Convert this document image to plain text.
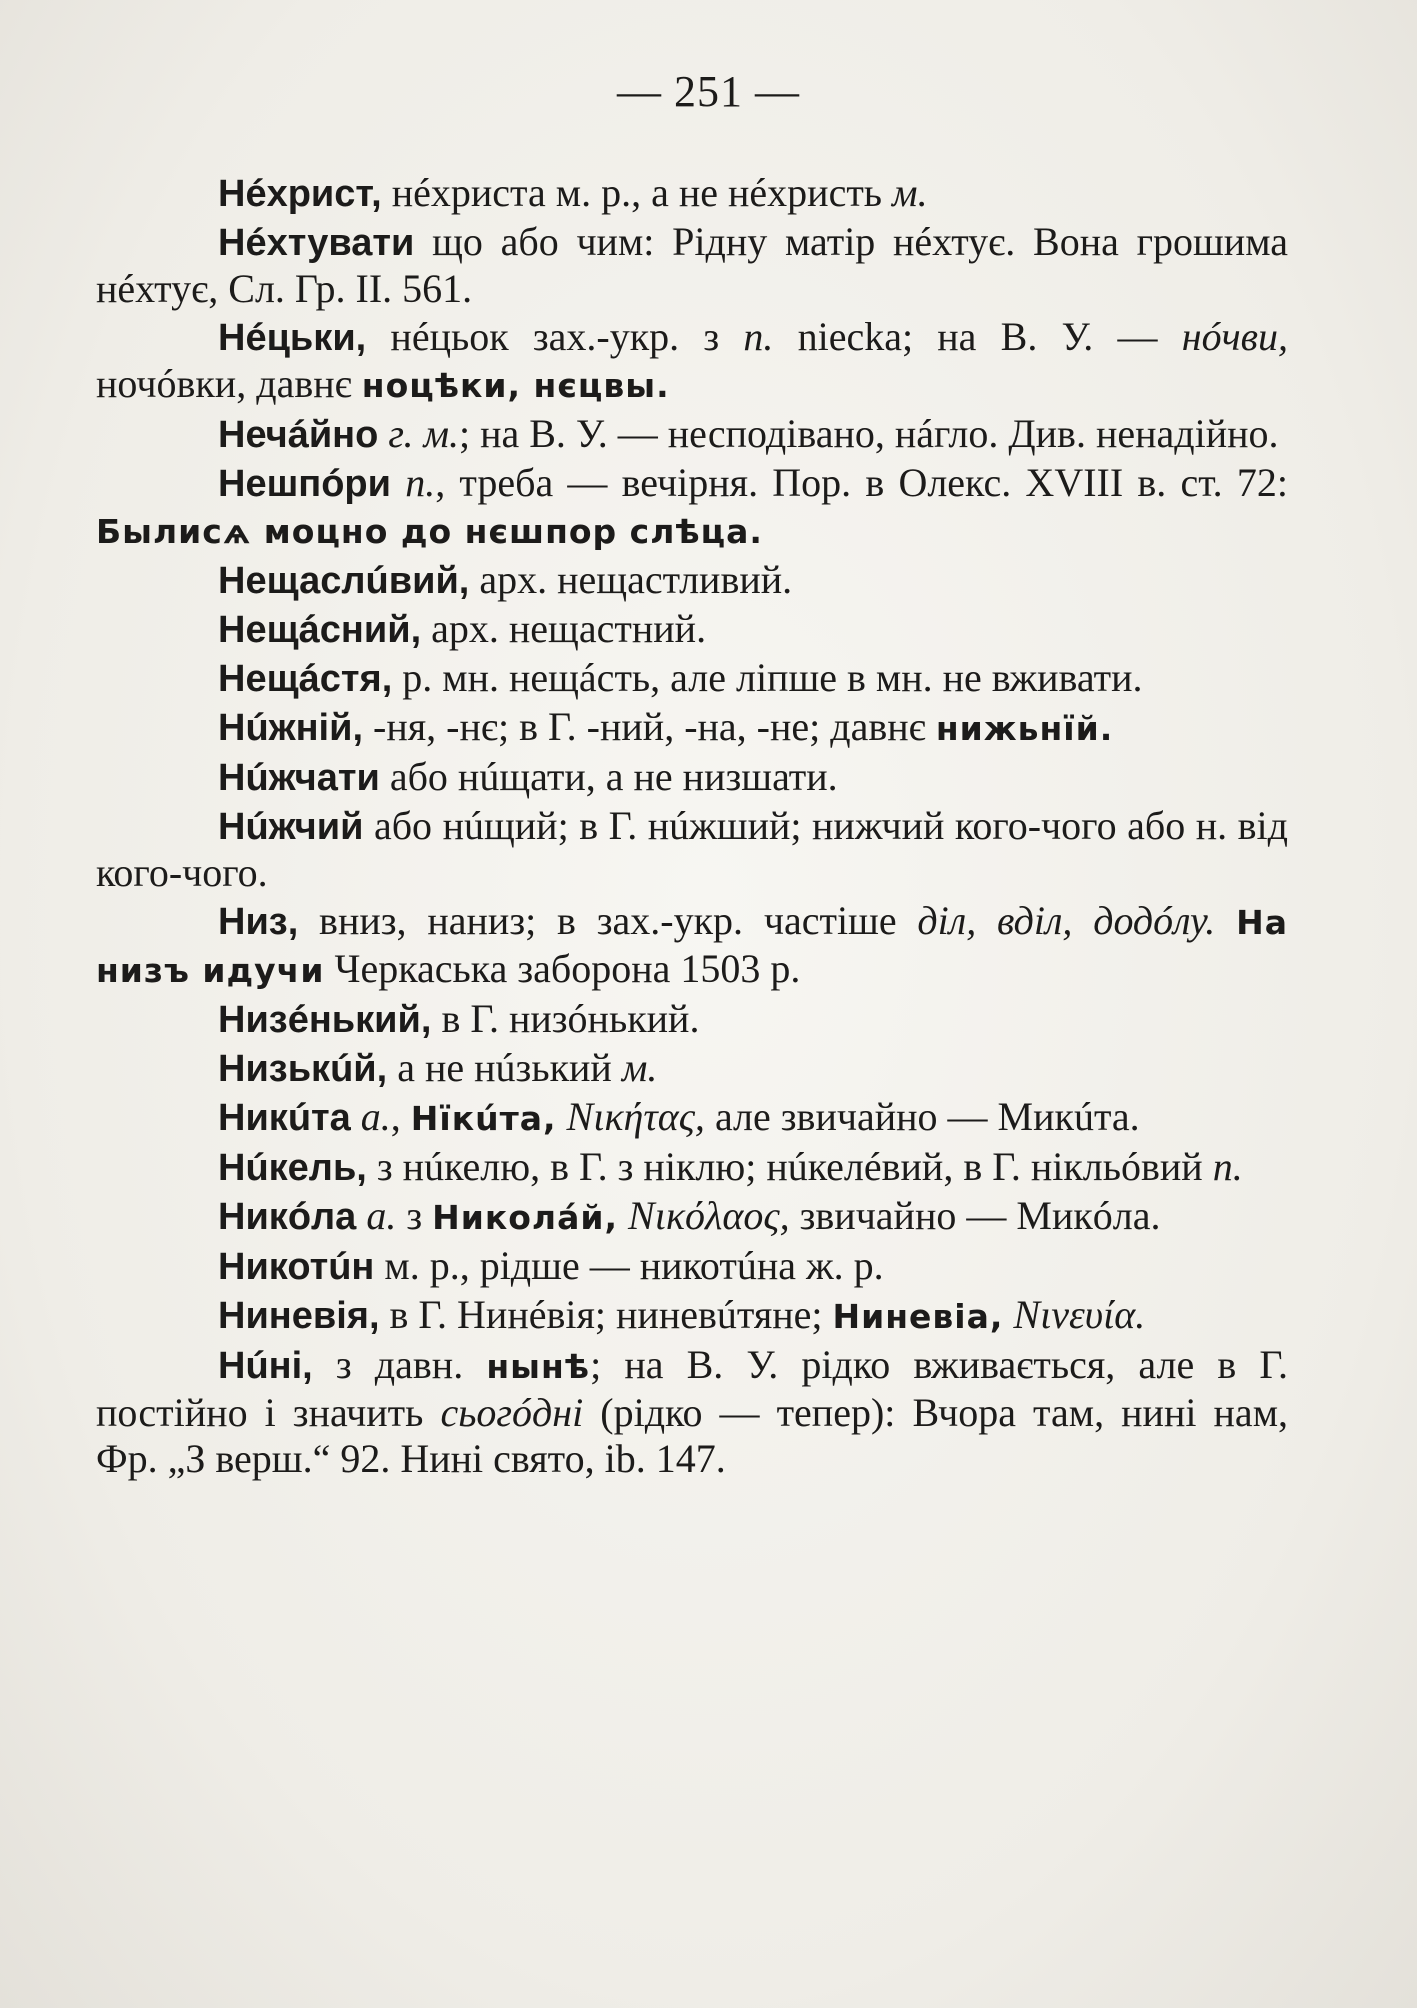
— 251 —

Нéхрист, нéхриста м. р., а не нéхристь м.

Нéхтувати що або чим: Рідну матір нéхтує. Вона грошима нéхтує, Сл. Гр. II. 561.

Нéцьки, нéцьок зах.-укр. з п. niecka; на В. У. — нóчви, ночóвки, давнє ноцѣки, нєцвы.

Нечáйно г. м.; на В. У. — несподівано, нáгло. Див. ненадійно.

Нешпóри п., треба — вечірня. Пор. в Олекс. XVIII в. ст. 72: Былисѧ моцно до нєшпор слѣца.

Нещаслúвий, арх. нещастливий.

Нещáсний, арх. нещастний.

Нещáстя, р. мн. нещáсть, але ліпше в мн. не вживати.

Нúжній, -ня, -нє; в Г. -ний, -на, -не; давнє нижьнїй.

Нúжчати або нúщати, а не низшати.

Нúжчий або нúщий; в Г. нúжший; нижчий кого-чого або н. від кого-чого.

Низ, вниз, наниз; в зах.-укр. частіше діл, вділ, додóлу. На низъ идучи Черкаська заборона 1503 р.

Низéнький, в Г. низóнький.

Низькúй, а не нúзький м.

Никúта а., Нїкúта, Νικήτας, але звичайно — Микúта.

Нúкель, з нúкелю, в Г. з ніклю; нúкелéвий, в Г. нікльóвий п.

Никóла а. з Николáй, Νικόλαος, звичайно — Микóла.

Никотúн м. р., рідше — никотúна ж. р.

Ниневія, в Г. Нинéвія; ниневúтяне; Ниневіа, Νινευία.

Нúні, з давн. нынѣ; на В. У. рідко вживається, але в Г. постійно і значить сьогóдні (рідко — тепер): Вчора там, нині нам, Фр. „З верш.“ 92. Нині свято, ib. 147.
